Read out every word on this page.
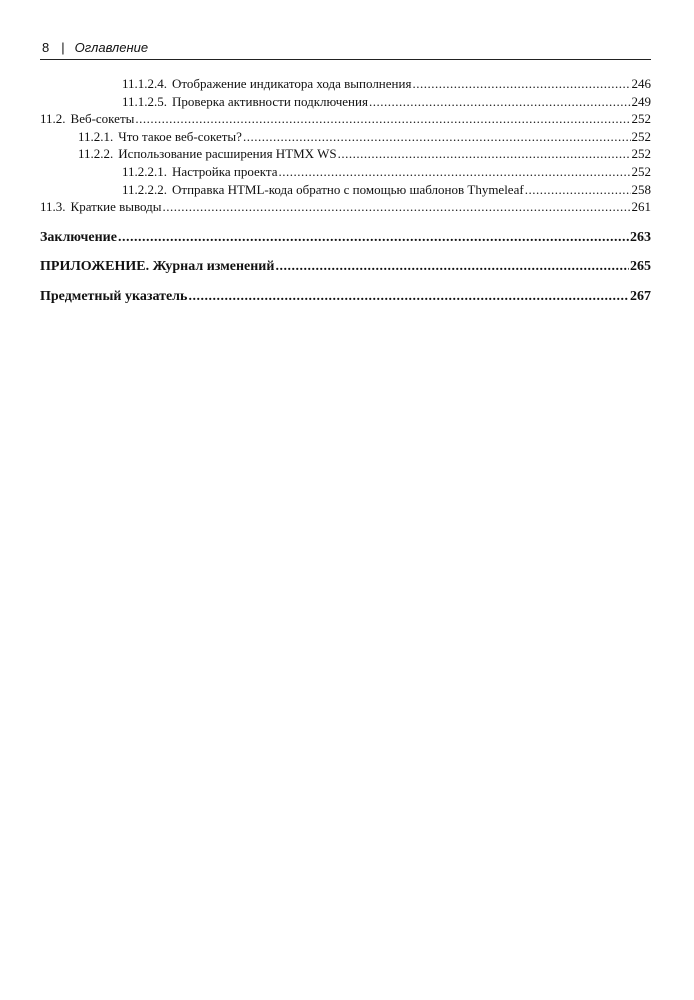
8 | Оглавление
11.1.2.4. Отображение индикатора хода выполнения .....	246
11.1.2.5. Проверка активности подключения .....	249
11.2. Веб-сокеты .....	252
11.2.1. Что такое веб-сокеты? .....	252
11.2.2. Использование расширения HTMX WS .....	252
11.2.2.1. Настройка проекта .....	252
11.2.2.2. Отправка HTML-кода обратно с помощью шаблонов Thymeleaf .....	258
11.3. Краткие выводы .....	261
Заключение .....	263
ПРИЛОЖЕНИЕ. Журнал изменений .....	265
Предметный указатель .....	267
